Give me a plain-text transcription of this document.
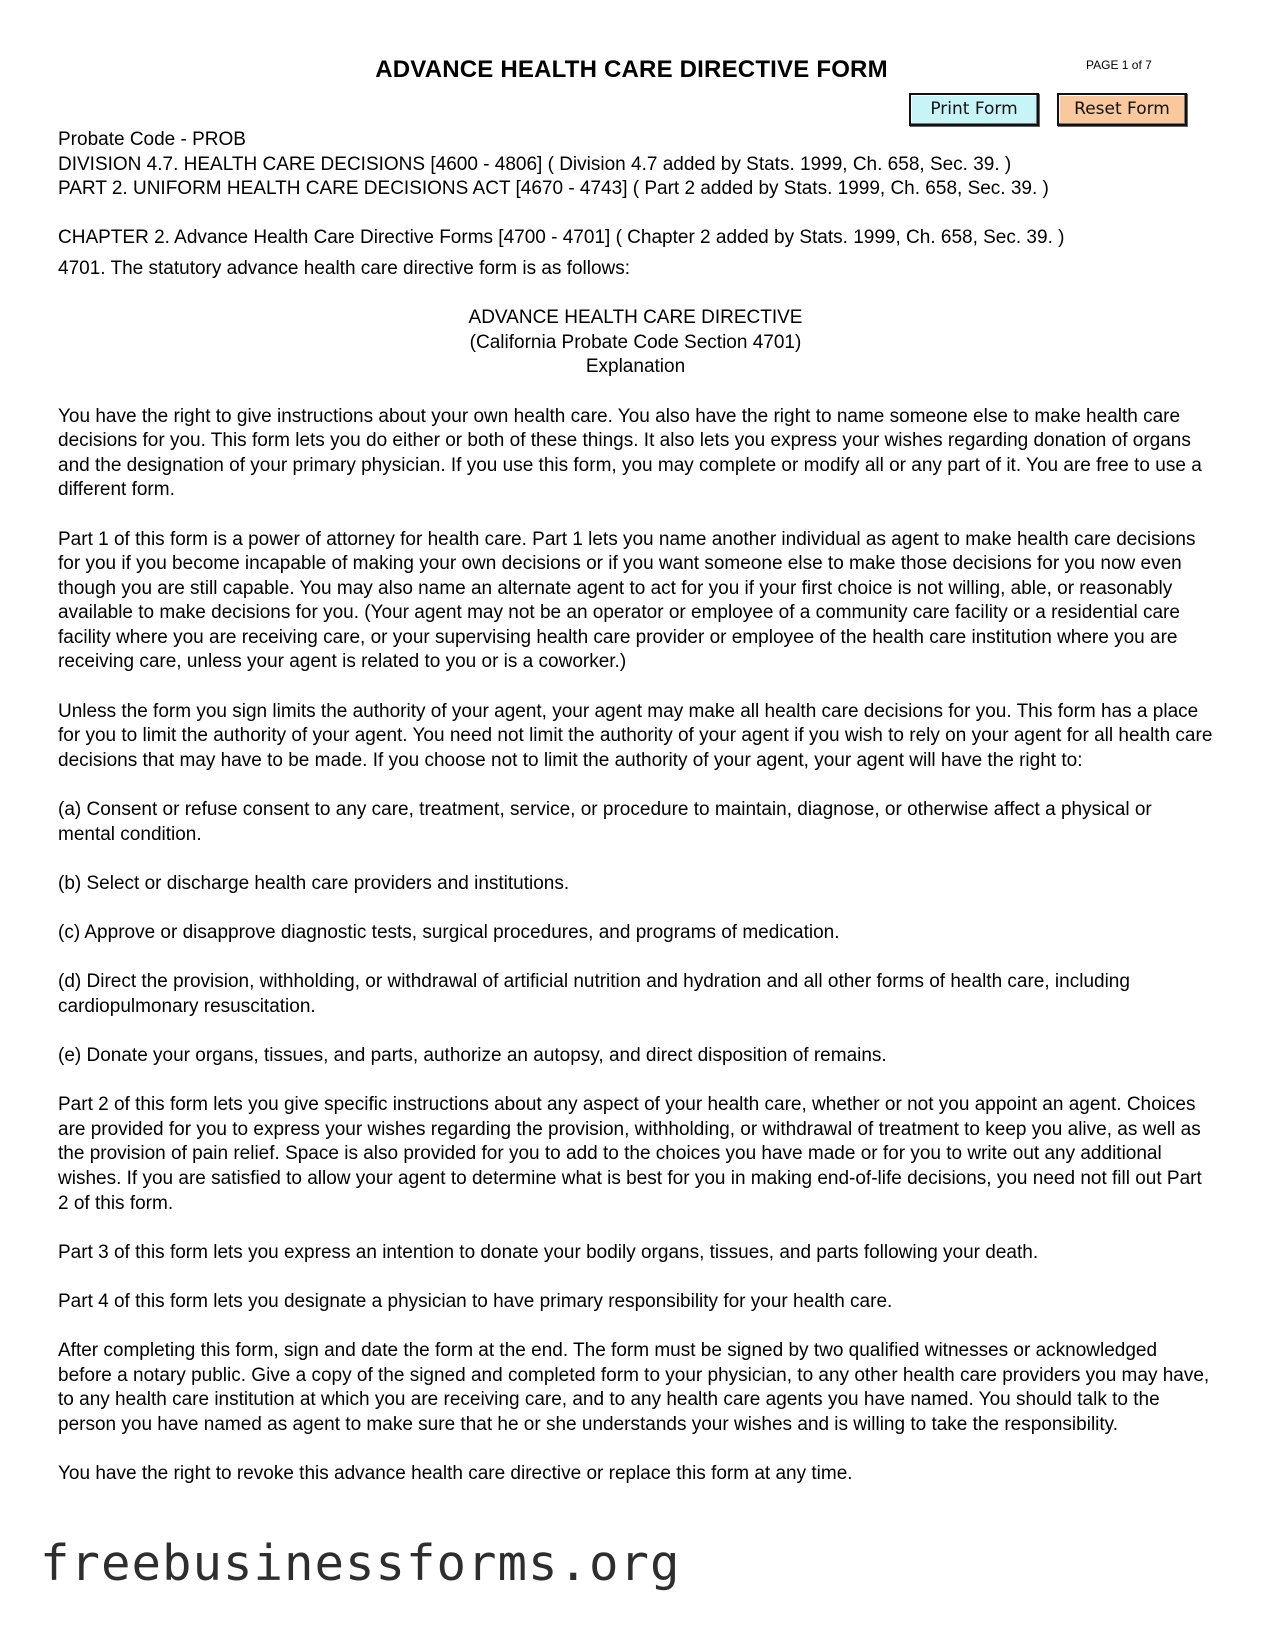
ADVANCE HEALTH CARE DIRECTIVE FORM	PAGE 1 of 7
Print Form	Reset Form

Probate Code - PROB

DIVISION 4.7. HEALTH CARE DECISIONS [4600 - 4806] ( Division 4.7 added by Stats. 1999, Ch. 658, Sec. 39. )

PART 2. UNIFORM HEALTH CARE DECISIONS ACT [4670 - 4743] ( Part 2 added by Stats. 1999, Ch. 658, Sec. 39. )

CHAPTER 2. Advance Health Care Directive Forms [4700 - 4701] ( Chapter 2 added by Stats. 1999, Ch. 658, Sec. 39. )

4701. The statutory advance health care directive form is as follows:

ADVANCE HEALTH CARE DIRECTIVE

(California Probate Code Section 4701)

Explanation

You have the right to give instructions about your own health care. You also have the right to name someone else to make health care decisions for you. This form lets you do either or both of these things. It also lets you express your wishes regarding donation of organs and the designation of your primary physician. If you use this form, you may complete or modify all or any part of it. You are free to use a different form.

Part 1 of this form is a power of attorney for health care. Part 1 lets you name another individual as agent to make health care decisions for you if you become incapable of making your own decisions or if you want someone else to make those decisions for you now even though you are still capable. You may also name an alternate agent to act for you if your first choice is not willing, able, or reasonably available to make decisions for you. (Your agent may not be an operator or employee of a community care facility or a residential care facility where you are receiving care, or your supervising health care provider or employee of the health care institution where you are receiving care, unless your agent is related to you or is a coworker.)

Unless the form you sign limits the authority of your agent, your agent may make all health care decisions for you. This form has a place for you to limit the authority of your agent. You need not limit the authority of your agent if you wish to rely on your agent for all health care decisions that may have to be made. If you choose not to limit the authority of your agent, your agent will have the right to:

(a) Consent or refuse consent to any care, treatment, service, or procedure to maintain, diagnose, or otherwise affect a physical or mental condition.

(b) Select or discharge health care providers and institutions.

(c) Approve or disapprove diagnostic tests, surgical procedures, and programs of medication.

(d) Direct the provision, withholding, or withdrawal of artificial nutrition and hydration and all other forms of health care, including cardiopulmonary resuscitation.

(e) Donate your organs, tissues, and parts, authorize an autopsy, and direct disposition of remains.

Part 2 of this form lets you give specific instructions about any aspect of your health care, whether or not you appoint an agent. Choices are provided for you to express your wishes regarding the provision, withholding, or withdrawal of treatment to keep you alive, as well as the provision of pain relief. Space is also provided for you to add to the choices you have made or for you to write out any additional wishes. If you are satisfied to allow your agent to determine what is best for you in making end-of-life decisions, you need not fill out Part 2 of this form.

Part 3 of this form lets you express an intention to donate your bodily organs, tissues, and parts following your death.

Part 4 of this form lets you designate a physician to have primary responsibility for your health care.

After completing this form, sign and date the form at the end. The form must be signed by two qualified witnesses or acknowledged before a notary public. Give a copy of the signed and completed form to your physician, to any other health care providers you may have, to any health care institution at which you are receiving care, and to any health care agents you have named. You should talk to the person you have named as agent to make sure that he or she understands your wishes and is willing to take the responsibility.

You have the right to revoke this advance health care directive or replace this form at any time.

freebusinessforms.org
